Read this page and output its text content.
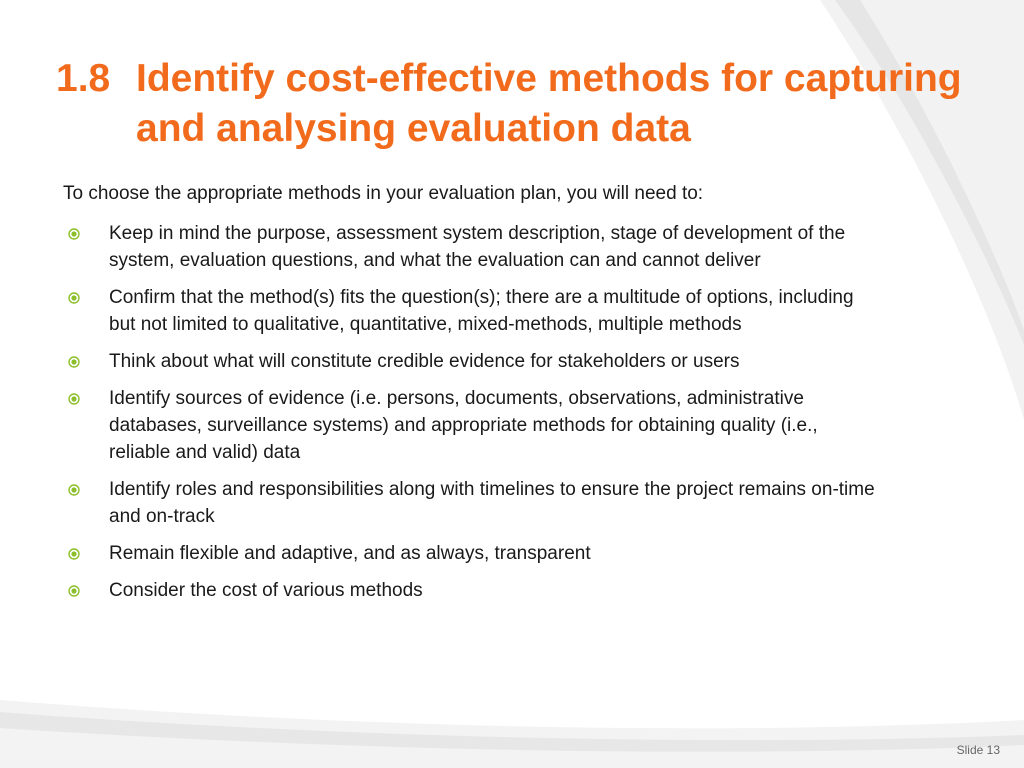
1.8 Identify cost-effective methods for capturing and analysing evaluation data
To choose the appropriate methods in your evaluation plan, you will need to:
Keep in mind the purpose, assessment system description, stage of development of the system, evaluation questions, and what the evaluation can and cannot deliver
Confirm that the method(s) fits the question(s); there are a multitude of options, including but not limited to qualitative, quantitative, mixed-methods, multiple methods
Think about what will constitute credible evidence for stakeholders or users
Identify sources of evidence (i.e. persons, documents, observations, administrative databases, surveillance systems) and appropriate methods for obtaining quality (i.e., reliable and valid) data
Identify roles and responsibilities along with timelines to ensure the project remains on-time and on-track
Remain flexible and adaptive, and as always, transparent
Consider the cost of various methods
Slide 13
